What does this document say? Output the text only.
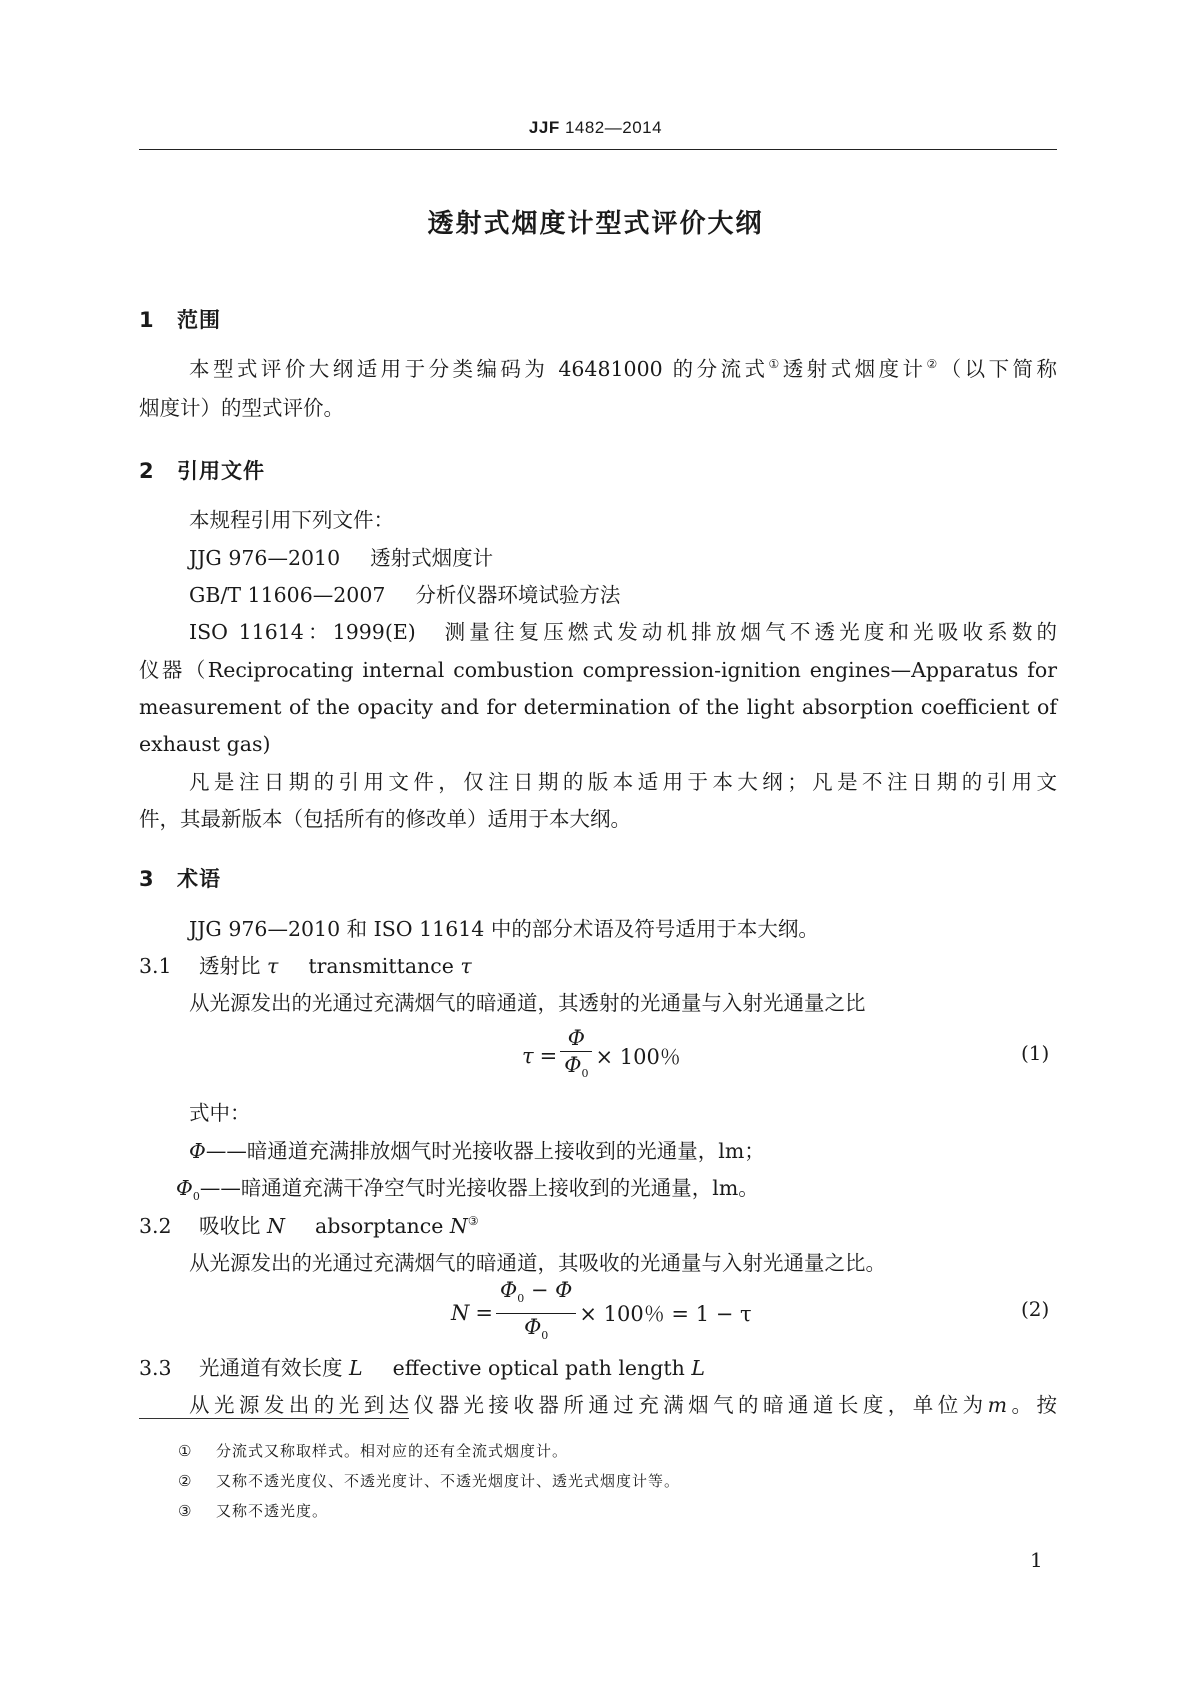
JJF 1482—2014
透射式烟度计型式评价大纲
1 范围
本型式评价大纲适用于分类编码为 46481000 的分流式①透射式烟度计②（以下简称
烟度计）的型式评价。
2 引用文件
本规程引用下列文件：
JJG 976—2010 透射式烟度计
GB/T 11606—2007 分析仪器环境试验方法
ISO 11614：1999(E)　测量往复压燃式发动机排放烟气不透光度和光吸收系数的
仪器（Reciprocating internal combustion compression-ignition engines—Apparatus for
measurement of the opacity and for determination of the light absorption coefficient of
exhaust gas)
凡是注日期的引用文件，仅注日期的版本适用于本大纲；凡是不注日期的引用文
件，其最新版本（包括所有的修改单）适用于本大纲。
3 术语
JJG 976—2010 和 ISO 11614 中的部分术语及符号适用于本大纲。
3.1 透射比 τ transmittance τ
从光源发出的光通过充满烟气的暗通道，其透射的光通量与入射光通量之比
$\tau = \frac{\Phi}{\Phi_0} \times 100$％	(1)
式中：
Φ——暗通道充满排放烟气时光接收器上接收到的光通量，lm；
$\Phi_0——$暗通道充满干净空气时光接收器上接收到的光通量，lm。
3.2 吸收比 N absorptance N③
从光源发出的光通过充满烟气的暗通道，其吸收的光通量与入射光通量之比。
$N = \frac{\Phi_0 - \Phi}{\Phi_0} \times 100$％ = 1 − τ	(2)
3.3 光通道有效长度 L effective optical path length L
从光源发出的光到达仪器光接收器所通过充满烟气的暗通道长度，单位为m。按
① 分流式又称取样式。相对应的还有全流式烟度计。
② 又称不透光度仪、不透光度计、不透光烟度计、透光式烟度计等。
③ 又称不透光度。
1
